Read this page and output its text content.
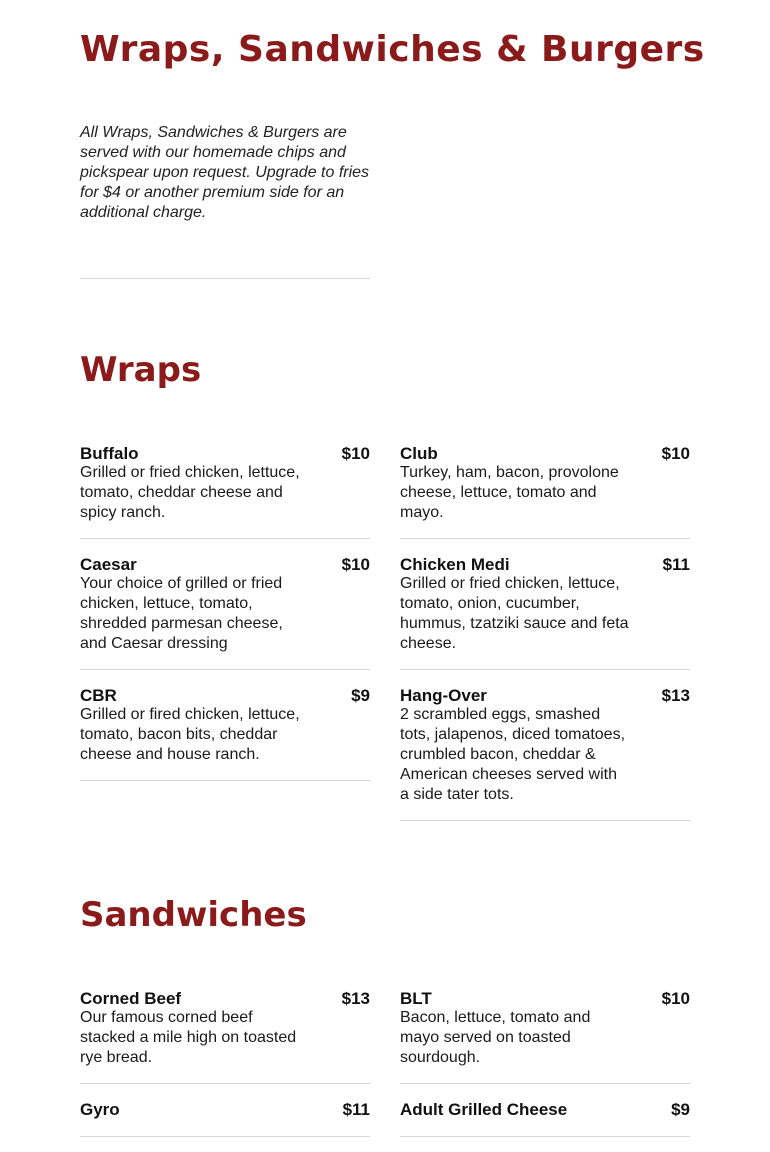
Wraps, Sandwiches & Burgers

All Wraps, Sandwiches & Burgers are served with our homemade chips and pickspear upon request. Upgrade to fries for $4 or another premium side for an additional charge.

Wraps
Buffalo	$10

Grilled or fried chicken, lettuce, tomato, cheddar cheese and spicy ranch.

Caesar	$10

Your choice of grilled or fried chicken, lettuce, tomato, shredded parmesan cheese, and Caesar dressing

CBR	$9

Grilled or fired chicken, lettuce, tomato, bacon bits, cheddar cheese and house ranch.

Club	$10

Turkey, ham, bacon, provolone cheese, lettuce, tomato and mayo.

Chicken Medi	$11

Grilled or fried chicken, lettuce, tomato, onion, cucumber, hummus, tzatziki sauce and feta cheese.

Hang-Over	$13

2 scrambled eggs, smashed tots, jalapenos, diced tomatoes, crumbled bacon, cheddar & American cheeses served with a side tater tots.

Sandwiches
Corned Beef	$13

Our famous corned beef stacked a mile high on toasted rye bread.

Gyro	$11
BLT	$10

Bacon, lettuce, tomato and mayo served on toasted sourdough.

Adult Grilled Cheese	$9
